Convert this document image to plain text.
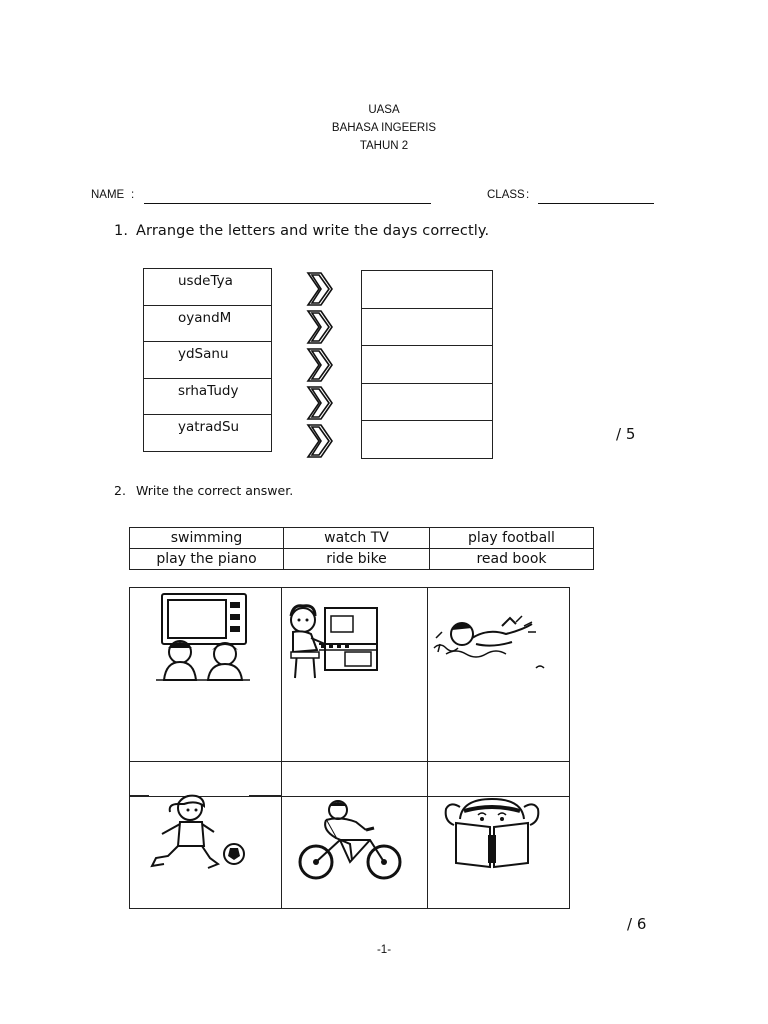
UASA
BAHASA INGEERIS
TAHUN 2
NAME :	CLASS :
1. Arrange the letters and write the days correctly.
usdeTya
oyandM
ydSanu
srhaTudy
yatradSu	/ 5
2. Write the correct answer.
swimming	watch TV	play football
play the piano	ride bike	read book
/ 6
-1-
